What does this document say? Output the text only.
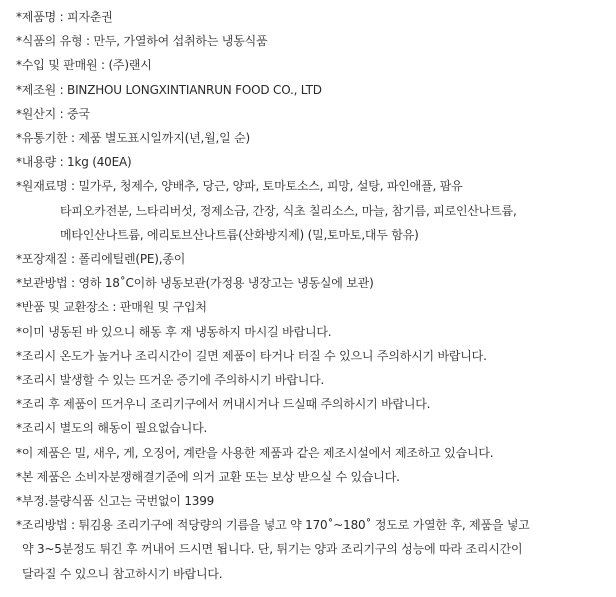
*제품명 : 피자춘권
*식품의 유형 : 만두, 가열하여 섭취하는 냉동식품
*수입 및 판매원 : (주)랜시
*제조원 : BINZHOU LONGXINTIANRUN FOOD CO., LTD
*원산지 : 중국
*유통기한 : 제품 별도표시일까지(년,월,일 순)
*내용량 : 1kg (40EA)
*원재료명 : 밀가루, 청제수, 양배추, 당근, 양파, 토마토소스, 피망, 설탕, 파인애플, 팜유
타피오카전분, 느타리버섯, 정제소금, 간장, 식초 칠리소스, 마늘, 참기름, 피로인산나트륨,
메타인산나트륨, 에리토브산나트륨(산화방지제) (밀,토마토,대두 함유)
*포장재질 : 폴리에틸렌(PE),종이
*보관방법 : 영하 18˚C이하 냉동보관(가정용 냉장고는 냉동실에 보관)
*반품 및 교환장소 : 판매원 및 구입처
*이미 냉동된 바 있으니 해동 후 재 냉동하지 마시길 바랍니다.
*조리시 온도가 높거나 조리시간이 길면 제품이 타거나 터질 수 있으니 주의하시기 바랍니다.
*조리시 발생할 수 있는 뜨거운 증기에 주의하시기 바랍니다.
*조리 후 제품이 뜨거우니 조리기구에서 꺼내시거나 드실때 주의하시기 바랍니다.
*조리시 별도의 해동이 필요없습니다.
*이 제품은 밀, 새우, 게, 오징어, 계란을 사용한 제품과 같은 제조시설에서 제조하고 있습니다.
*본 제품은 소비자분쟁해결기준에 의거 교환 또는 보상 받으실 수 있습니다.
*부정.불량식품 신고는 국번없이 1399
*조리방법 : 튀김용 조리기구에 적당량의 기름을 넣고 약 170˚~180˚ 정도로 가열한 후, 제품을 넣고
약 3~5분정도 튀긴 후 꺼내어 드시면 됩니다. 단, 튀기는 양과 조리기구의 성능에 따라 조리시간이
달라질 수 있으니 참고하시기 바랍니다.
